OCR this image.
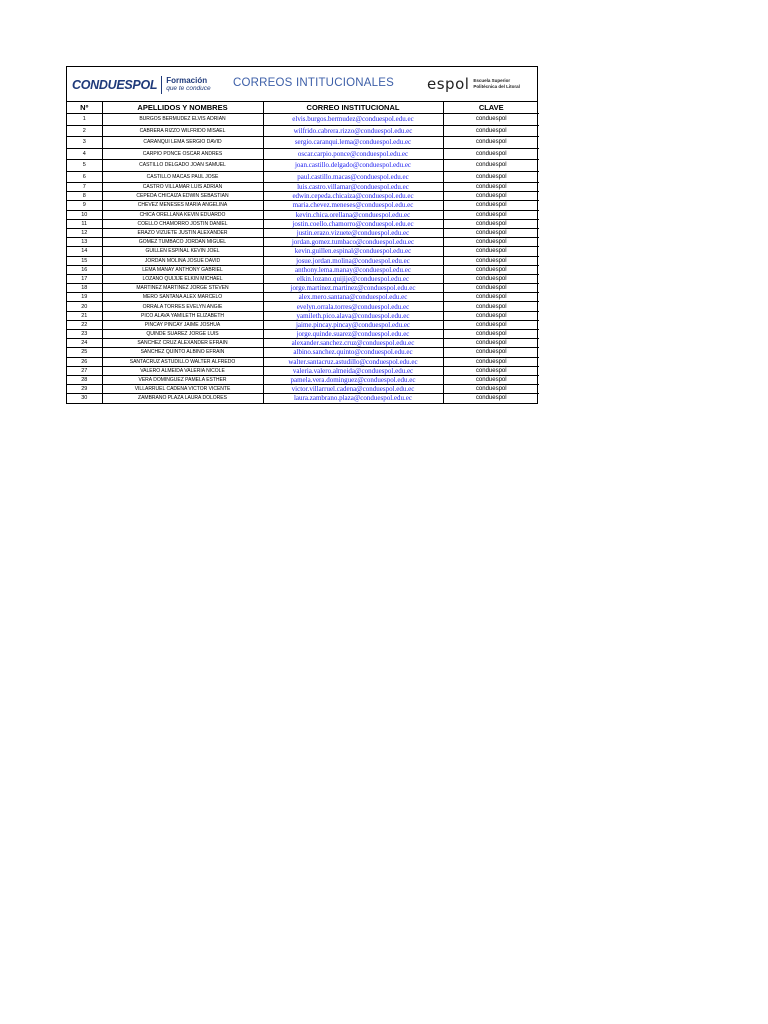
CONDUESPOL Formación
que te conduce CORREOS INTITUCIONALES espol Escuela Superior
Politécnica del Litoral
Nº	APELLIDOS Y NOMBRES	CORREO INSTITUCIONAL	CLAVE
1	BURGOS BERMUDEZ ELVIS ADRIAN	elvis.burgos.bermudez@conduespol.edu.ec	conduespol
2	CABRERA RIZZO WILFRIDO MISAEL	wilfrido.cabrera.rizzo@conduespol.edu.ec	conduespol
3	CARANQUI LEMA SERGIO DAVID	sergio.caranqui.lema@conduespol.edu.ec	conduespol
4	CARPIO PONCE OSCAR ANDRES	oscar.carpio.ponce@conduespol.edu.ec	conduespol
5	CASTILLO DELGADO JOAN SAMUEL	joan.castillo.delgado@conduespol.edu.ec	conduespol
6	CASTILLO MACAS PAUL JOSE	paul.castillo.macas@conduespol.edu.ec	conduespol
7	CASTRO VILLAMAR LUIS ADRIAN	luis.castro.villamar@conduespol.edu.ec	conduespol
8	CEPEDA CHICAIZA EDWIN SEBASTIAN	edwin.cepeda.chicaiza@conduespol.edu.ec	conduespol
9	CHEVEZ MENESES MARIA ANGELINA	maria.chevez.meneses@conduespol.edu.ec	conduespol
10	CHICA ORELLANA KEVIN EDUARDO	kevin.chica.orellana@conduespol.edu.ec	conduespol
11	COELLO CHAMORRO JOSTIN DANIEL	jostin.coello.chamorro@conduespol.edu.ec	conduespol
12	ERAZO VIZUETE JUSTIN ALEXANDER	justin.erazo.vizuete@conduespol.edu.ec	conduespol
13	GOMEZ TUMBACO JORDAN MIGUEL	jordan.gomez.tumbaco@conduespol.edu.ec	conduespol
14	GUILLEN ESPINAL KEVIN JOEL	kevin.guillen.espinal@conduespol.edu.ec	conduespol
15	JORDAN MOLINA JOSUE DAVID	josue.jordan.molina@conduespol.edu.ec	conduespol
16	LEMA MANAY ANTHONY GABRIEL	anthony.lema.manay@conduespol.edu.ec	conduespol
17	LOZANO QUIJIJE ELKIN MICHAEL	elkin.lozano.quijije@conduespol.edu.ec	conduespol
18	MARTINEZ MARTINEZ JORGE STEVEN	jorge.martinez.martinez@conduespol.edu.ec	conduespol
19	MERO SANTANA ALEX MARCELO	alex.mero.santana@conduespol.edu.ec	conduespol
20	ORRALA TORRES EVELYN ANGIE	evelyn.orrala.torres@conduespol.edu.ec	conduespol
21	PICO ALAVA YAMILETH ELIZABETH	yamileth.pico.alava@conduespol.edu.ec	conduespol
22	PINCAY PINCAY JAIME JOSHUA	jaime.pincay.pincay@conduespol.edu.ec	conduespol
23	QUINDE SUAREZ JORGE LUIS	jorge.quinde.suarez@conduespol.edu.ec	conduespol
24	SANCHEZ CRUZ ALEXANDER EFRAIN	alexander.sanchez.cruz@conduespol.edu.ec	conduespol
25	SANCHEZ QUINTO ALBINO EFRAIN	albino.sanchez.quinto@conduespol.edu.ec	conduespol
26	SANTACRUZ ASTUDILLO WALTER ALFREDO	walter.santacruz.astudillo@conduespol.edu.ec	conduespol
27	VALERO ALMEIDA VALERIA NICOLE	valeria.valero.almeida@conduespol.edu.ec	conduespol
28	VERA DOMINGUEZ PAMELA ESTHER	pamela.vera.dominguez@conduespol.edu.ec	conduespol
29	VILLARRUEL CADENA VICTOR VICENTE	victor.villarruel.cadena@conduespol.edu.ec	conduespol
30	ZAMBRANO PLAZA LAURA DOLORES	laura.zambrano.plaza@conduespol.edu.ec	conduespol
